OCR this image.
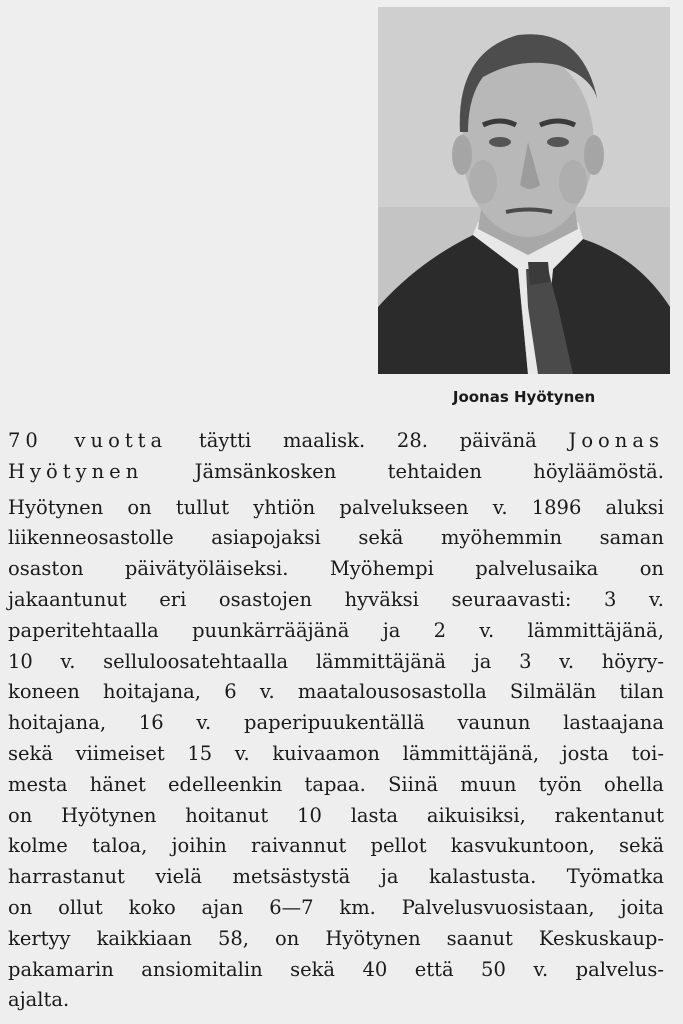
Joonas Hyötynen
70 vuotta täytti maalisk. 28. päivänä Joonas
Hyötynen	Jämsänkosken	tehtaiden	höyläämöstä.
Hyötynen on tullut yhtiön palvelukseen v. 1896 aluksi
liikenneosastolle asiapojaksi sekä myöhemmin saman
osaston päivätyöläiseksi. Myöhempi palvelusaika on
jakaantunut eri osastojen hyväksi seuraavasti: 3 v.
paperitehtaalla puunkärrääjänä ja 2 v. lämmittäjänä,
10 v. selluloosatehtaalla lämmittäjänä ja 3 v. höyry-
koneen hoitajana, 6 v. maatalousosastolla Silmälän tilan
hoitajana, 16 v. paperipuukentällä vaunun lastaajana
sekä viimeiset 15 v. kuivaamon lämmittäjänä, josta toi-
mesta hänet edelleenkin tapaa. Siinä muun työn ohella
on Hyötynen hoitanut 10 lasta aikuisiksi, rakentanut
kolme taloa, joihin raivannut pellot kasvukuntoon, sekä
harrastanut vielä metsästystä ja kalastusta. Työmatka
on ollut koko ajan 6—7 km. Palvelusvuosistaan, joita
kertyy kaikkiaan 58, on Hyötynen saanut Keskuskaup-
pakamarin ansiomitalin sekä 40 että 50 v. palvelus-
ajalta.
